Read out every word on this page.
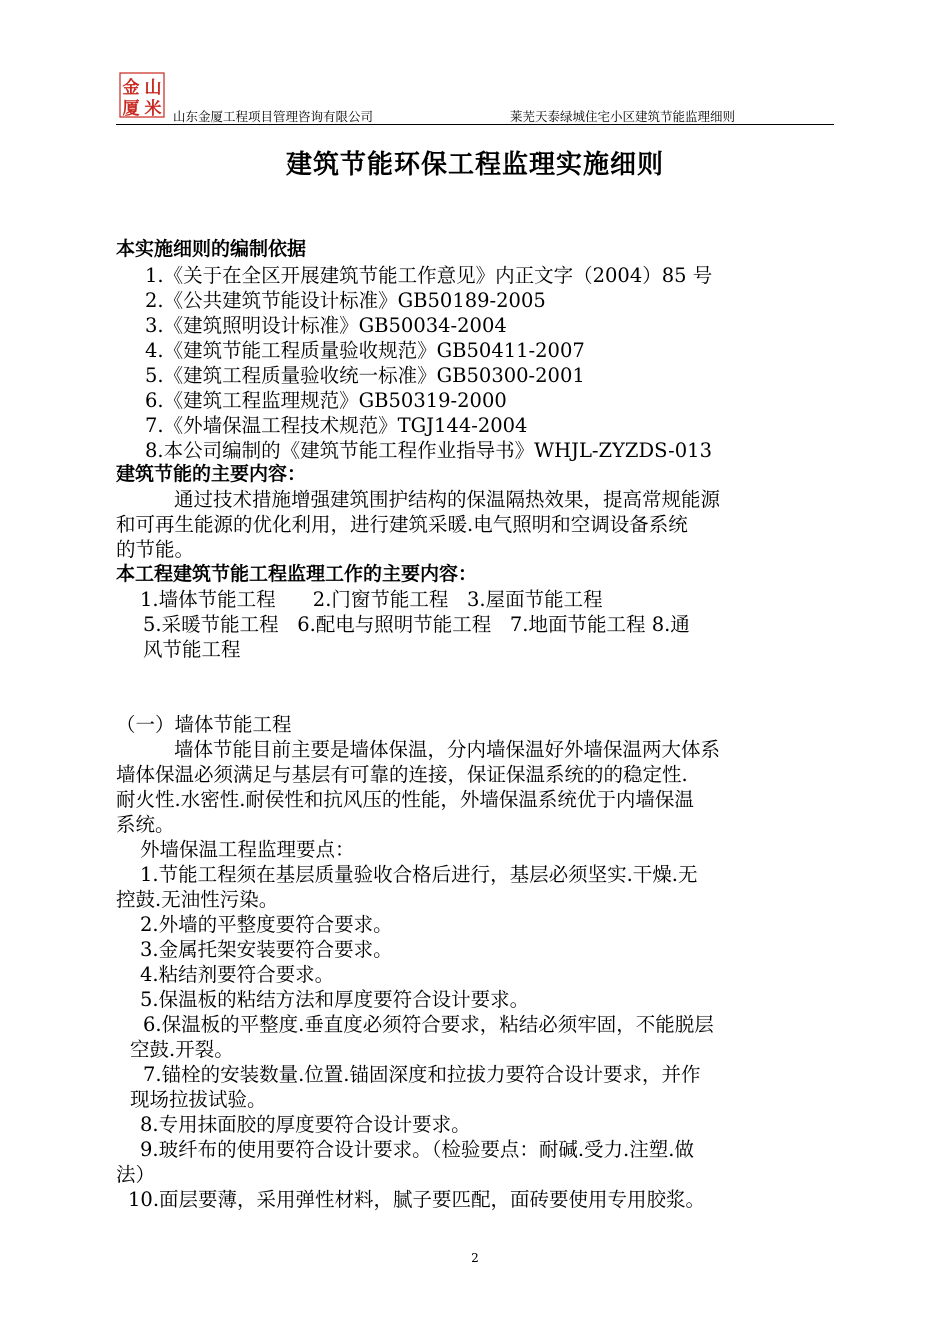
金 山
厦 米 山东金厦工程项目管理咨询有限公司	莱芜天泰绿城住宅小区建筑节能监理细则
建筑节能环保工程监理实施细则
本实施细则的编制依据
1.《关于在全区开展建筑节能工作意见》内正文字（2004）85 号
2.《公共建筑节能设计标准》GB50189-2005
3.《建筑照明设计标准》GB50034-2004
4.《建筑节能工程质量验收规范》GB50411-2007
5.《建筑工程质量验收统一标准》GB50300-2001
6.《建筑工程监理规范》GB50319-2000
7.《外墙保温工程技术规范》TGJ144-2004
8.本公司编制的《建筑节能工程作业指导书》WHJL-ZYZDS-013
建筑节能的主要内容：
通过技术措施增强建筑围护结构的保温隔热效果，提高常规能源
和可再生能源的优化利用，进行建筑采暖.电气照明和空调设备系统
的节能。
本工程建筑节能工程监理工作的主要内容：
1.墙体节能工程      2.门窗节能工程   3.屋面节能工程
5.采暖节能工程   6.配电与照明节能工程   7.地面节能工程 8.通
风节能工程
（一）墙体节能工程
墙体节能目前主要是墙体保温，分内墙保温好外墙保温两大体系
墙体保温必须满足与基层有可靠的连接，保证保温系统的的稳定性.
耐火性.水密性.耐侯性和抗风压的性能，外墙保温系统优于内墙保温
系统。
外墙保温工程监理要点：
1.节能工程须在基层质量验收合格后进行，基层必须坚实.干燥.无
控鼓.无油性污染。
2.外墙的平整度要符合要求。
3.金属托架安装要符合要求。
4.粘结剂要符合要求。
5.保温板的粘结方法和厚度要符合设计要求。
6.保温板的平整度.垂直度必须符合要求，粘结必须牢固，不能脱层
空鼓.开裂。
7.锚栓的安装数量.位置.锚固深度和拉拔力要符合设计要求，并作
现场拉拔试验。
8.专用抹面胶的厚度要符合设计要求。
9.玻纤布的使用要符合设计要求。（检验要点：耐碱.受力.注塑.做
法）
10.面层要薄，采用弹性材料，腻子要匹配，面砖要使用专用胶浆。
2
